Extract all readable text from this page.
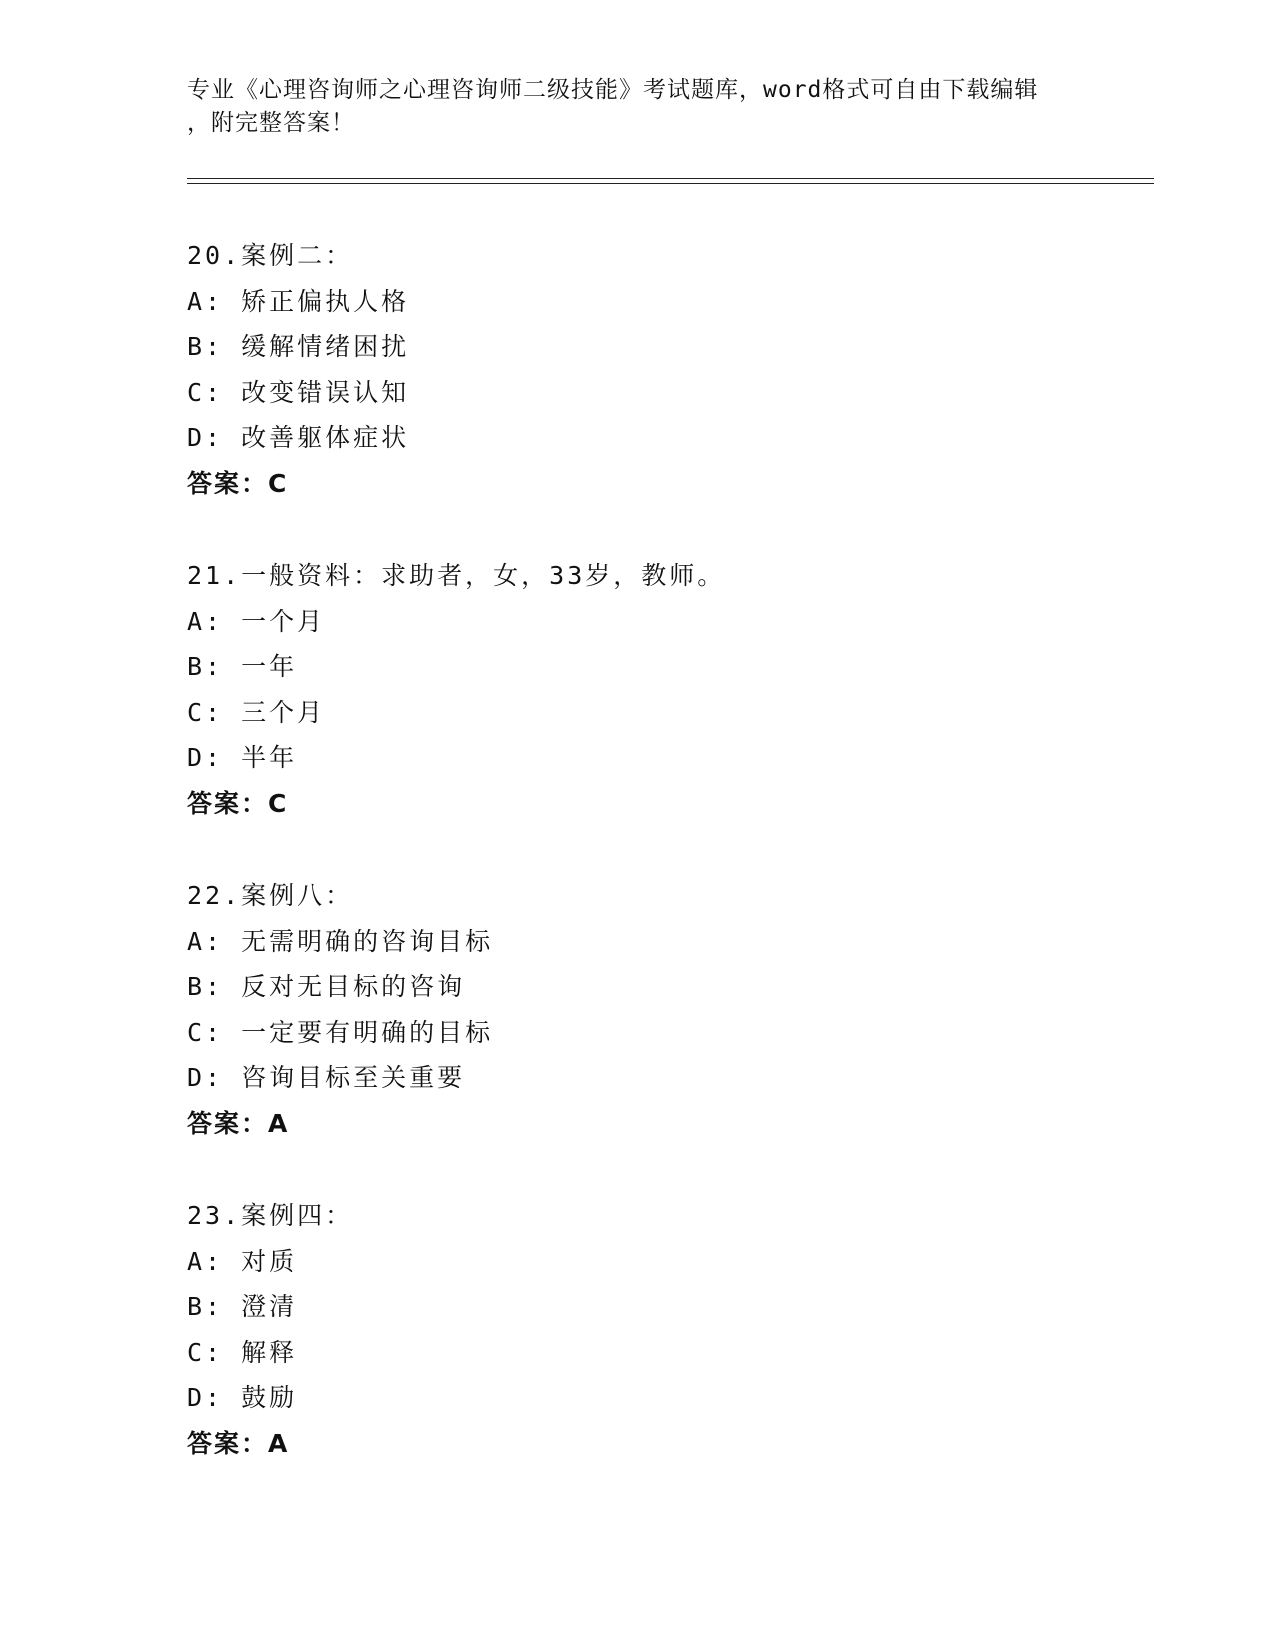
专业《心理咨询师之心理咨询师二级技能》考试题库，word格式可自由下载编辑
，附完整答案！
20.案例二：
A: 矫正偏执人格
B: 缓解情绪困扰
C: 改变错误认知
D: 改善躯体症状
答案：C
21.一般资料：求助者，女，33岁，教师。
A: 一个月
B: 一年
C: 三个月
D: 半年
答案：C
22.案例八：
A: 无需明确的咨询目标
B: 反对无目标的咨询
C: 一定要有明确的目标
D: 咨询目标至关重要
答案：A
23.案例四：
A: 对质
B: 澄清
C: 解释
D: 鼓励
答案：A
